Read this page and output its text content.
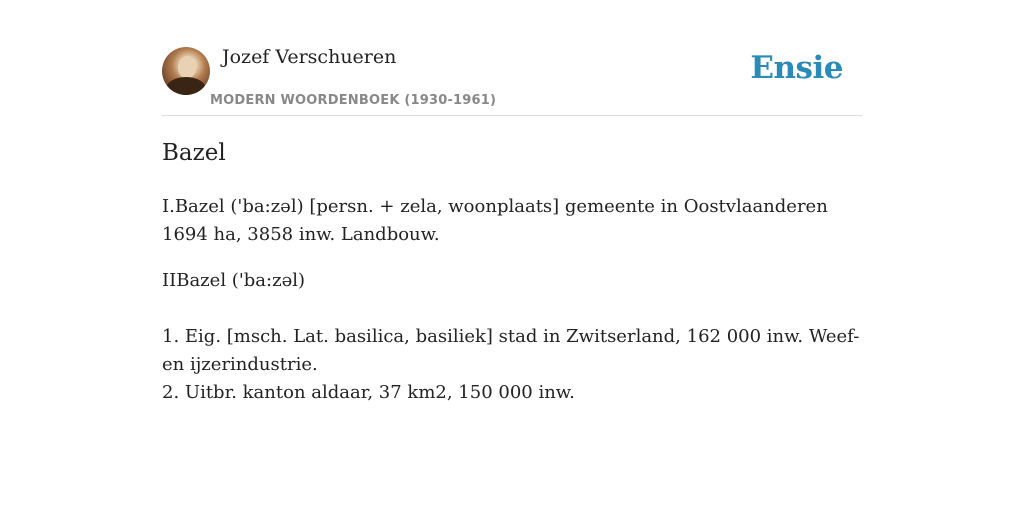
Jozef Verschueren
MODERN WOORDENBOEK (1930-1961)
Ensie
Bazel
I.Bazel ('ba:zəl) [persn. + zela, woonplaats] gemeente in Oostvlaanderen 1694 ha, 3858 inw. Landbouw.
IIBazel ('ba:zəl)
1. Eig. [msch. Lat. basilica, basiliek] stad in Zwitserland, 162 000 inw. Weef- en ijzerindustrie.
2. Uitbr. kanton aldaar, 37 km2, 150 000 inw.
